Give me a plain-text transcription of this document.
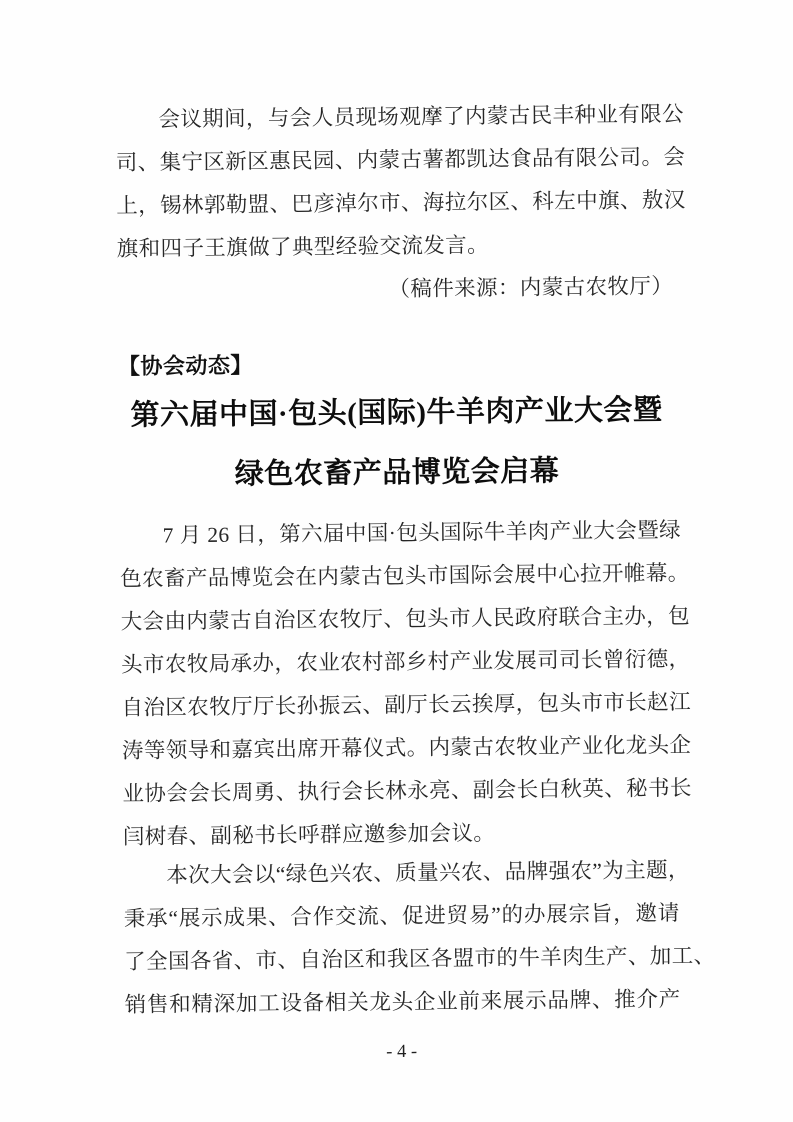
会议期间，与会人员现场观摩了内蒙古民丰种业有限公
司、集宁区新区惠民园、内蒙古薯都凯达食品有限公司。会
上，锡林郭勒盟、巴彦淖尔市、海拉尔区、科左中旗、敖汉
旗和四子王旗做了典型经验交流发言。
（稿件来源：内蒙古农牧厅）
【协会动态】
第六届中国·包头(国际)牛羊肉产业大会暨
绿色农畜产品博览会启幕
7 月 26 日，第六届中国·包头国际牛羊肉产业大会暨绿
色农畜产品博览会在内蒙古包头市国际会展中心拉开帷幕。
大会由内蒙古自治区农牧厅、包头市人民政府联合主办，包
头市农牧局承办，农业农村部乡村产业发展司司长曾衍德，
自治区农牧厅厅长孙振云、副厅长云挨厚，包头市市长赵江
涛等领导和嘉宾出席开幕仪式。内蒙古农牧业产业化龙头企
业协会会长周勇、执行会长林永亮、副会长白秋英、秘书长
闫树春、副秘书长呼群应邀参加会议。
本次大会以“绿色兴农、质量兴农、品牌强农”为主题，
秉承“展示成果、合作交流、促进贸易”的办展宗旨，邀请
了全国各省、市、自治区和我区各盟市的牛羊肉生产、加工、
销售和精深加工设备相关龙头企业前来展示品牌、推介产
- 4 -
